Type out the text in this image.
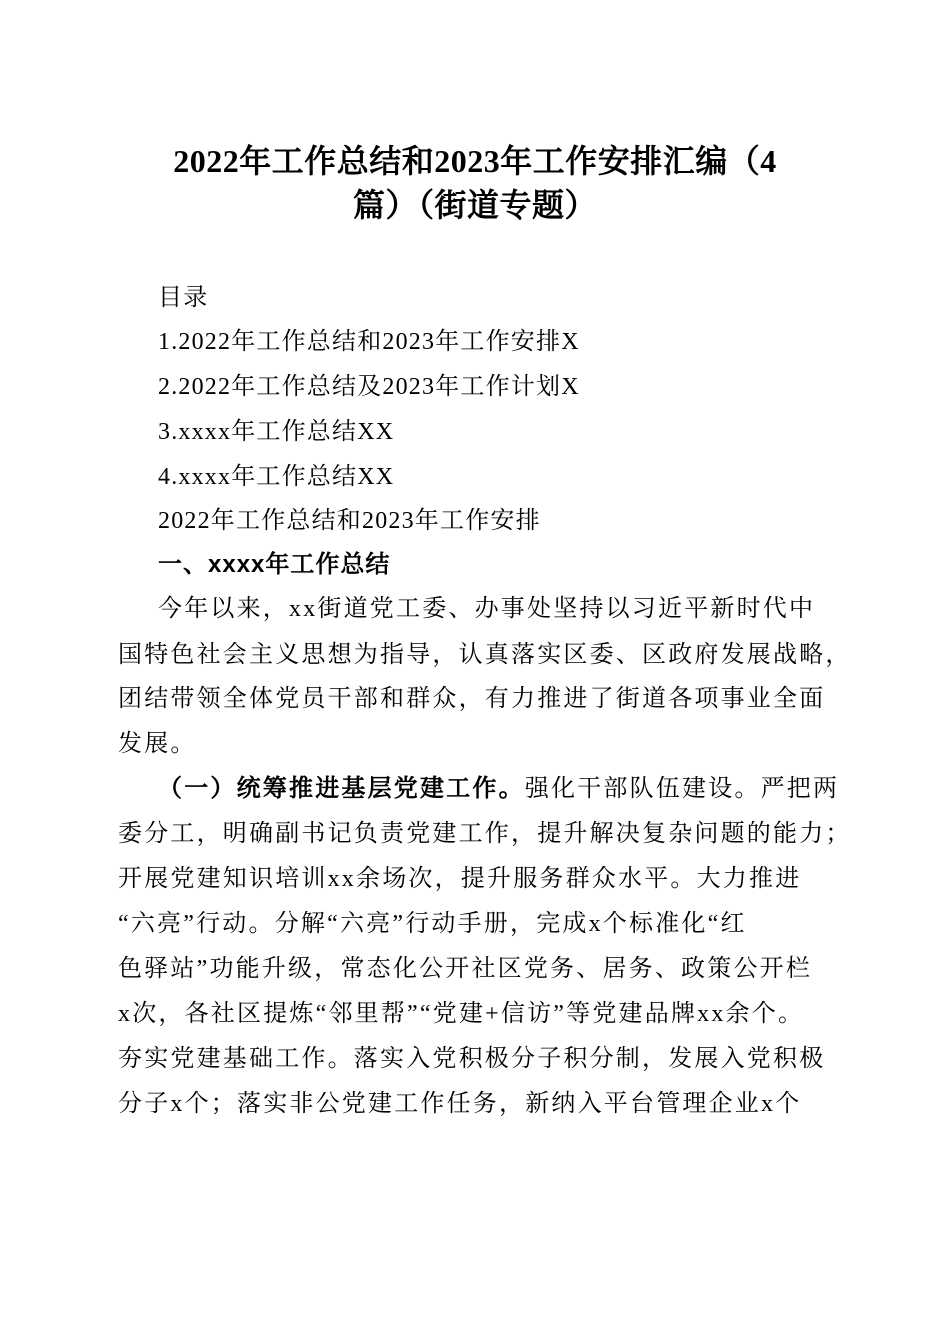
2022年工作总结和2023年工作安排汇编（4
篇）（街道专题）
目录
1.2022年工作总结和2023年工作安排X
2.2022年工作总结及2023年工作计划X
3.xxxx年工作总结XX
4.xxxx年工作总结XX
2022年工作总结和2023年工作安排
一、xxxx年工作总结
今年以来，xx街道党工委、办事处坚持以习近平新时代中
国特色社会主义思想为指导，认真落实区委、区政府发展战略，
团结带领全体党员干部和群众，有力推进了街道各项事业全面
发展。
（一）统筹推进基层党建工作。强化干部队伍建设。严把两
委分工，明确副书记负责党建工作，提升解决复杂问题的能力；
开展党建知识培训xx余场次，提升服务群众水平。大力推进
“六亮”行动。分解“六亮”行动手册，完成x个标准化“红
色驿站”功能升级，常态化公开社区党务、居务、政策公开栏
x次，各社区提炼“邻里帮”“党建+信访”等党建品牌xx余个。
夯实党建基础工作。落实入党积极分子积分制，发展入党积极
分子x个；落实非公党建工作任务，新纳入平台管理企业x个
